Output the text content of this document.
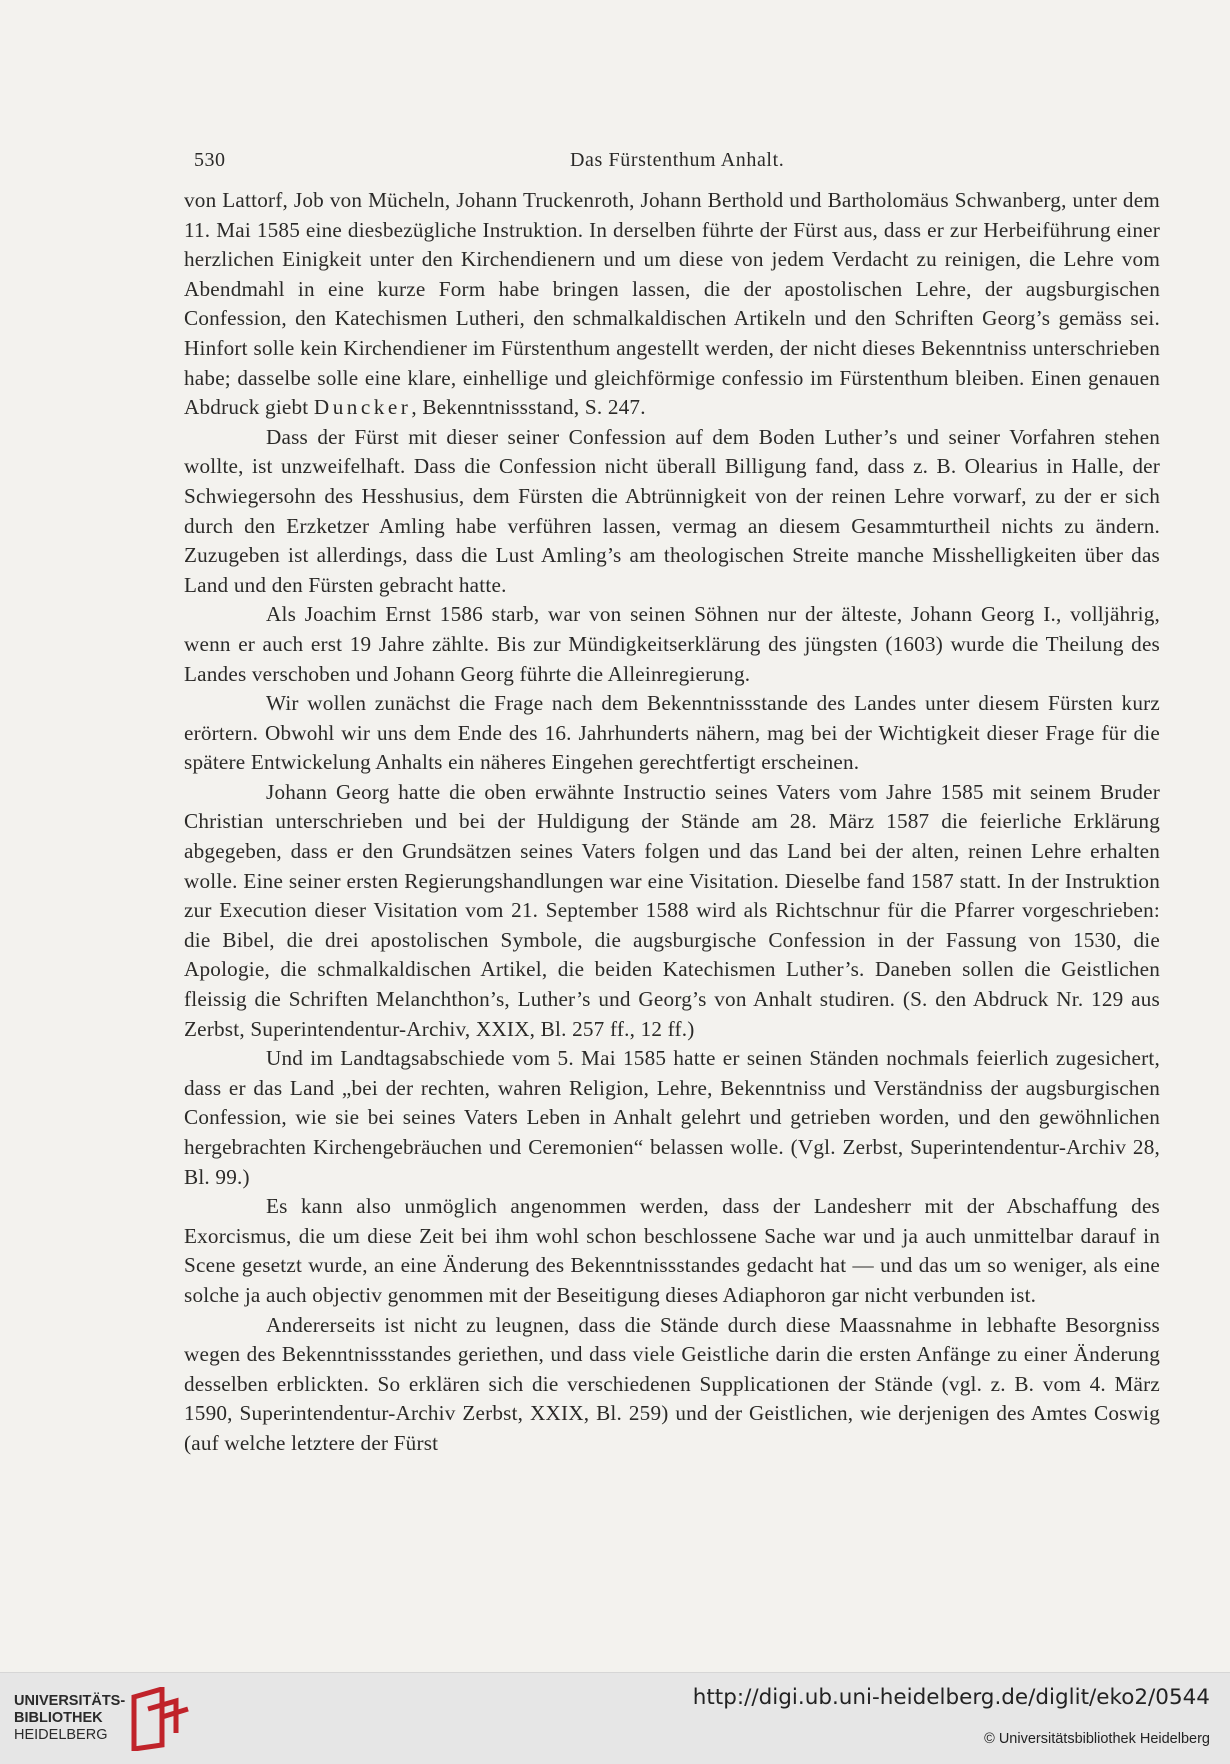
530	Das Fürstenthum Anhalt.

von Lattorf, Job von Mücheln, Johann Truckenroth, Johann Berthold und Bartholomäus Schwanberg, unter dem 11. Mai 1585 eine diesbezügliche Instruktion. In derselben führte der Fürst aus, dass er zur Herbeiführung einer herzlichen Einigkeit unter den Kirchendienern und um diese von jedem Verdacht zu reinigen, die Lehre vom Abendmahl in eine kurze Form habe bringen lassen, die der apostolischen Lehre, der augsburgischen Confession, den Katechismen Lutheri, den schmalkaldischen Artikeln und den Schriften Georg’s gemäss sei. Hinfort solle kein Kirchendiener im Fürstenthum angestellt werden, der nicht dieses Bekenntniss unterschrieben habe; dasselbe solle eine klare, einhellige und gleichförmige confessio im Fürstenthum bleiben. Einen genauen Abdruck giebt Duncker, Bekenntnissstand, S. 247.

Dass der Fürst mit dieser seiner Confession auf dem Boden Luther’s und seiner Vorfahren stehen wollte, ist unzweifelhaft. Dass die Confession nicht überall Billigung fand, dass z. B. Olearius in Halle, der Schwiegersohn des Hesshusius, dem Fürsten die Abtrünnigkeit von der reinen Lehre vorwarf, zu der er sich durch den Erzketzer Amling habe verführen lassen, vermag an diesem Gesammturtheil nichts zu ändern. Zuzugeben ist allerdings, dass die Lust Amling’s am theologischen Streite manche Misshelligkeiten über das Land und den Fürsten gebracht hatte.

Als Joachim Ernst 1586 starb, war von seinen Söhnen nur der älteste, Johann Georg I., volljährig, wenn er auch erst 19 Jahre zählte. Bis zur Mündigkeitserklärung des jüngsten (1603) wurde die Theilung des Landes verschoben und Johann Georg führte die Alleinregierung.

Wir wollen zunächst die Frage nach dem Bekenntnissstande des Landes unter diesem Fürsten kurz erörtern. Obwohl wir uns dem Ende des 16. Jahrhunderts nähern, mag bei der Wichtigkeit dieser Frage für die spätere Entwickelung Anhalts ein näheres Eingehen gerechtfertigt erscheinen.

Johann Georg hatte die oben erwähnte Instructio seines Vaters vom Jahre 1585 mit seinem Bruder Christian unterschrieben und bei der Huldigung der Stände am 28. März 1587 die feierliche Erklärung abgegeben, dass er den Grundsätzen seines Vaters folgen und das Land bei der alten, reinen Lehre erhalten wolle. Eine seiner ersten Regierungshandlungen war eine Visitation. Dieselbe fand 1587 statt. In der Instruktion zur Execution dieser Visitation vom 21. September 1588 wird als Richtschnur für die Pfarrer vorgeschrieben: die Bibel, die drei apostolischen Symbole, die augsburgische Confession in der Fassung von 1530, die Apologie, die schmalkaldischen Artikel, die beiden Katechismen Luther’s. Daneben sollen die Geistlichen fleissig die Schriften Melanchthon’s, Luther’s und Georg’s von Anhalt studiren. (S. den Abdruck Nr. 129 aus Zerbst, Superintendentur-Archiv, XXIX, Bl. 257 ff., 12 ff.)

Und im Landtagsabschiede vom 5. Mai 1585 hatte er seinen Ständen nochmals feierlich zugesichert, dass er das Land „bei der rechten, wahren Religion, Lehre, Bekenntniss und Verständniss der augsburgischen Confession, wie sie bei seines Vaters Leben in Anhalt gelehrt und getrieben worden, und den gewöhnlichen hergebrachten Kirchengebräuchen und Ceremonien“ belassen wolle. (Vgl. Zerbst, Superintendentur-Archiv 28, Bl. 99.)

Es kann also unmöglich angenommen werden, dass der Landesherr mit der Abschaffung des Exorcismus, die um diese Zeit bei ihm wohl schon beschlossene Sache war und ja auch unmittelbar darauf in Scene gesetzt wurde, an eine Änderung des Bekenntnissstandes gedacht hat — und das um so weniger, als eine solche ja auch objectiv genommen mit der Beseitigung dieses Adiaphoron gar nicht verbunden ist.

Andererseits ist nicht zu leugnen, dass die Stände durch diese Maassnahme in lebhafte Besorgniss wegen des Bekenntnissstandes geriethen, und dass viele Geistliche darin die ersten Anfänge zu einer Änderung desselben erblickten. So erklären sich die verschiedenen Supplicationen der Stände (vgl. z. B. vom 4. März 1590, Superintendentur-Archiv Zerbst, XXIX, Bl. 259) und der Geistlichen, wie derjenigen des Amtes Coswig (auf welche letztere der Fürst

UNIVERSITÄTS-
BIBLIOTHEK
HEIDELBERG
http://digi.ub.uni-heidelberg.de/diglit/eko2/0544
© Universitätsbibliothek Heidelberg
